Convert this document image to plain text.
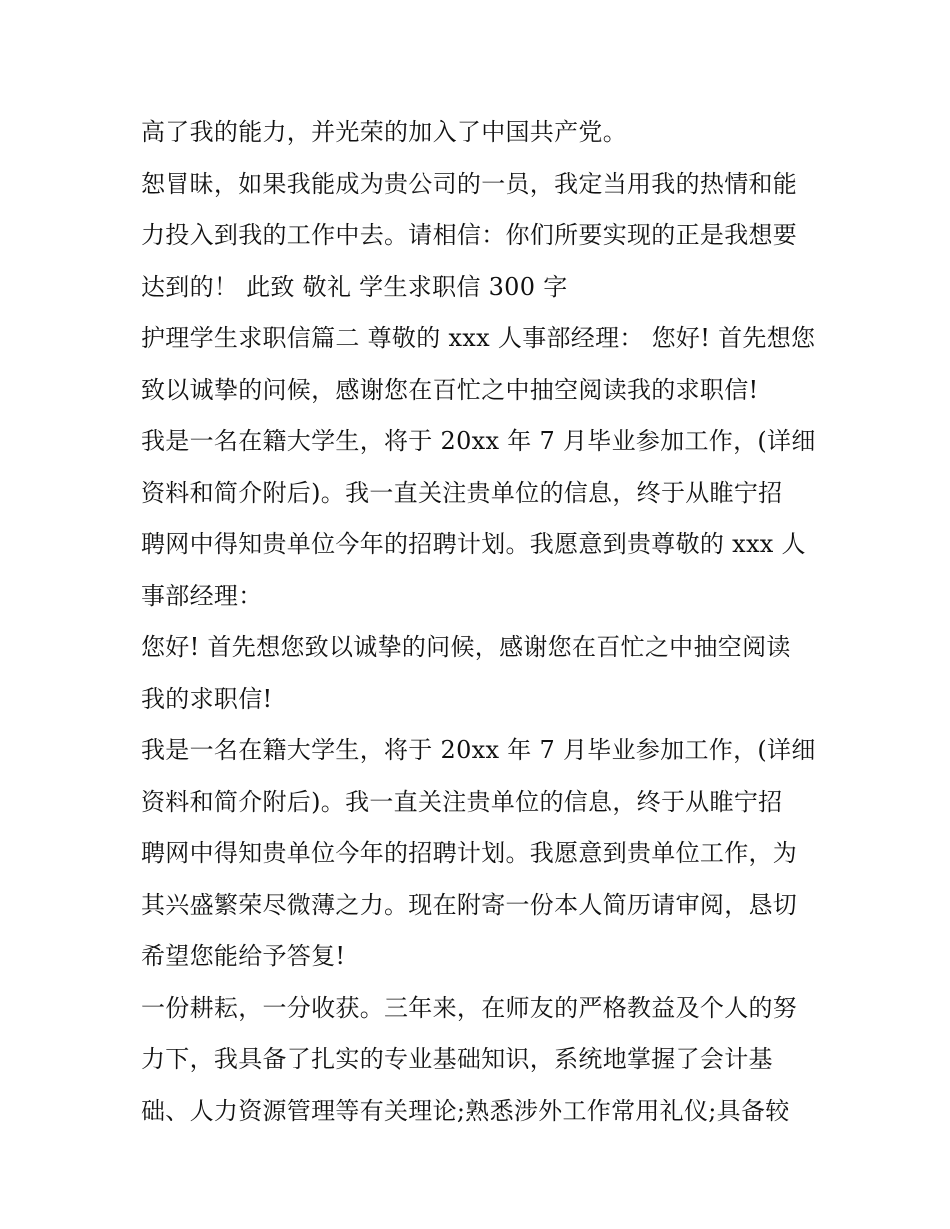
高了我的能力，并光荣的加入了中国共产党。
恕冒昧，如果我能成为贵公司的一员，我定当用我的热情和能
力投入到我的工作中去。请相信：你们所要实现的正是我想要
达到的！ 此致 敬礼 学生求职信 300 字
护理学生求职信篇二 尊敬的 xxx 人事部经理： 您好! 首先想您
致以诚挚的问候，感谢您在百忙之中抽空阅读我的求职信!
我是一名在籍大学生，将于 20xx 年 7 月毕业参加工作，(详细
资料和简介附后)。我一直关注贵单位的信息，终于从睢宁招
聘网中得知贵单位今年的招聘计划。我愿意到贵尊敬的 xxx 人
事部经理：
您好! 首先想您致以诚挚的问候，感谢您在百忙之中抽空阅读
我的求职信!
我是一名在籍大学生，将于 20xx 年 7 月毕业参加工作，(详细
资料和简介附后)。我一直关注贵单位的信息，终于从睢宁招
聘网中得知贵单位今年的招聘计划。我愿意到贵单位工作，为
其兴盛繁荣尽微薄之力。现在附寄一份本人简历请审阅，恳切
希望您能给予答复!
一份耕耘，一分收获。三年来，在师友的严格教益及个人的努
力下，我具备了扎实的专业基础知识，系统地掌握了会计基
础、人力资源管理等有关理论;熟悉涉外工作常用礼仪;具备较
